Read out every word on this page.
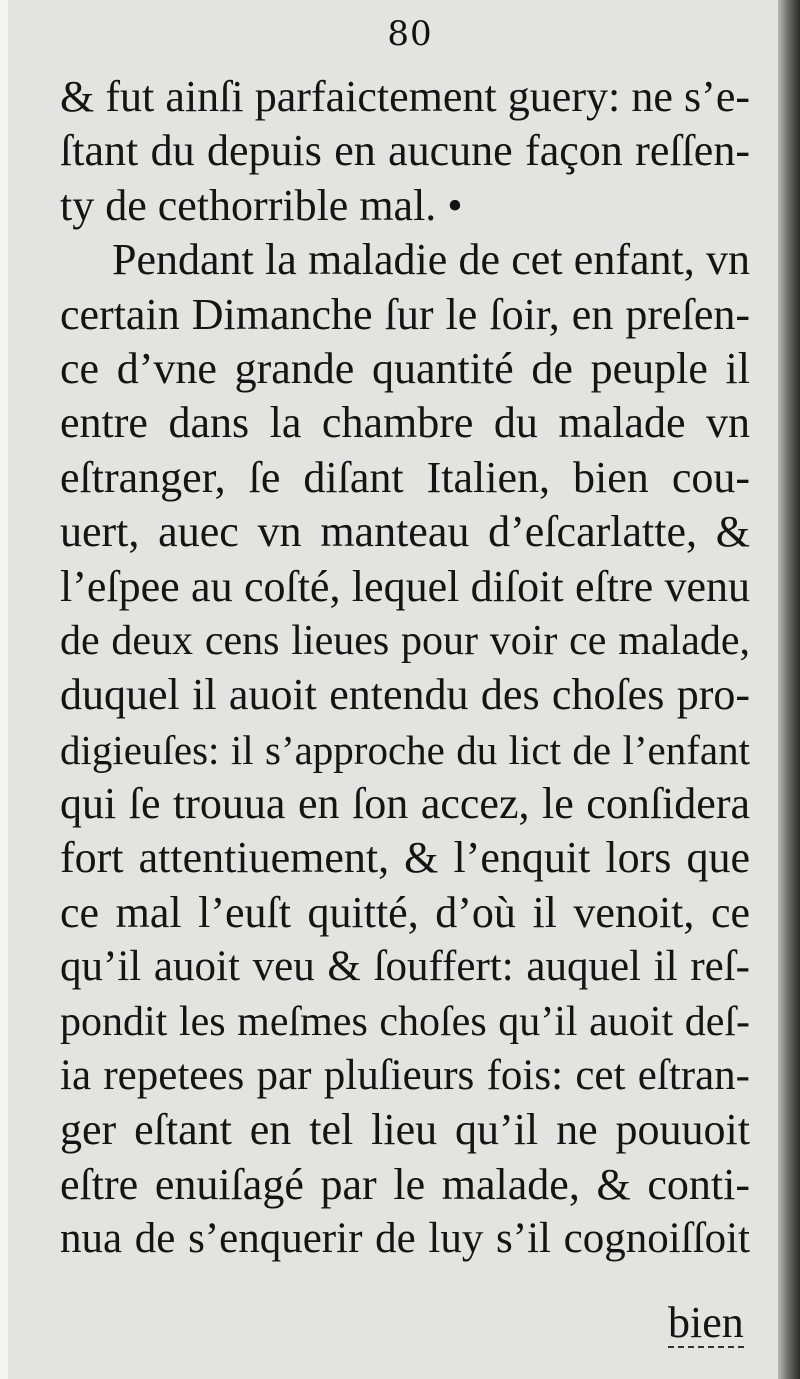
80
& fut ainſi parfaictement guery: ne s’e-
ſtant du depuis en aucune façon reſſen-
ty de cethorrible mal. •
Pendant la maladie de cet enfant, vn
certain Dimanche ſur le ſoir, en preſen-
ce d’vne grande quantité de peuple il
entre dans la chambre du malade vn
eſtranger, ſe diſant Italien, bien cou-
uert, auec vn manteau d’eſcarlatte, &
l’eſpee au coſté, lequel diſoit eſtre venu
de deux cens lieues pour voir ce malade,
duquel il auoit entendu des choſes pro-
digieuſes: il s’approche du lict de l’enfant
qui ſe trouua en ſon accez, le conſidera
fort attentiuement, & l’enquit lors que
ce mal l’euſt quitté, d’où il venoit, ce
qu’il auoit veu & ſouffert: auquel il reſ-
pondit les meſmes choſes qu’il auoit deſ-
ia repetees par pluſieurs fois: cet eſtran-
ger eſtant en tel lieu qu’il ne pouuoit
eſtre enuiſagé par le malade, & conti-
nua de s’enquerir de luy s’il cognoiſſoit
bien
